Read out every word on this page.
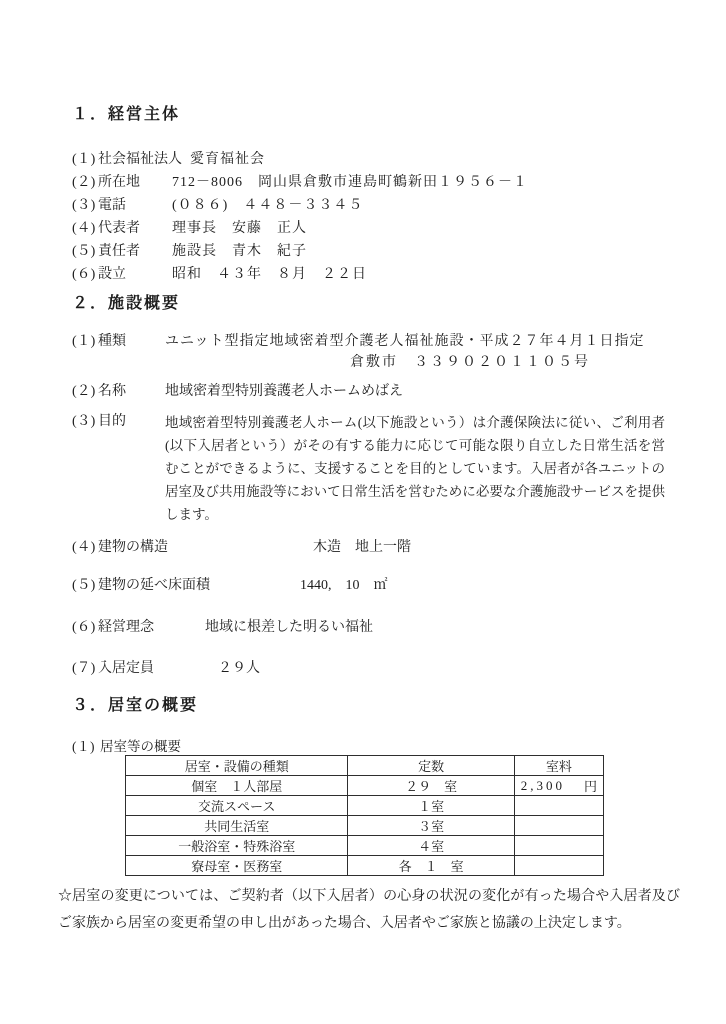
１．経営主体
(１) 社会福祉法人 愛育福祉会
(２) 所在地	712－8006　岡山県倉敷市連島町鶴新田１９５６－１
(３) 電話	(０８６)　４４８－３３４５
(４) 代表者	理事長　安藤　正人
(５) 責任者	施設長　青木　紀子
(６) 設立	昭和　４３年　８月　２２日
２．施設概要
(１) 種類	ユニット型指定地域密着型介護老人福祉施設・平成２７年４月１日指定
倉敷市　３３９０２０１１０５号
(２) 名称	地域密着型特別養護老人ホームめばえ
(３) 目的	地域密着型特別養護老人ホーム(以下施設という）は介護保険法に従い、ご利用者(以下入居者という）がその有する能力に応じて可能な限り自立した日常生活を営むことができるように、支援することを目的としています。入居者が各ユニットの居室及び共用施設等において日常生活を営むために必要な介護施設サービスを提供します。

(４) 建物の構造	木造　地上一階
(５) 建物の延べ床面積	1440,　10　㎡
(６) 経営理念	地域に根差した明るい福祉
(７) 入居定員	２９人
３．居室の概要
(１) 居室等の概要
居室・設備の種類	定数	室料
個室　１人部屋	２９　室	2,300 円

交流スペース	１室	

共同生活室	３室	

一般浴室・特殊浴室	４室	

寮母室・医務室	各　１　室	

☆居室の変更については、ご契約者（以下入居者）の心身の状況の変化が有った場合や入居者及びご家族から居室の変更希望の申し出があった場合、入居者やご家族と協議の上決定します。
